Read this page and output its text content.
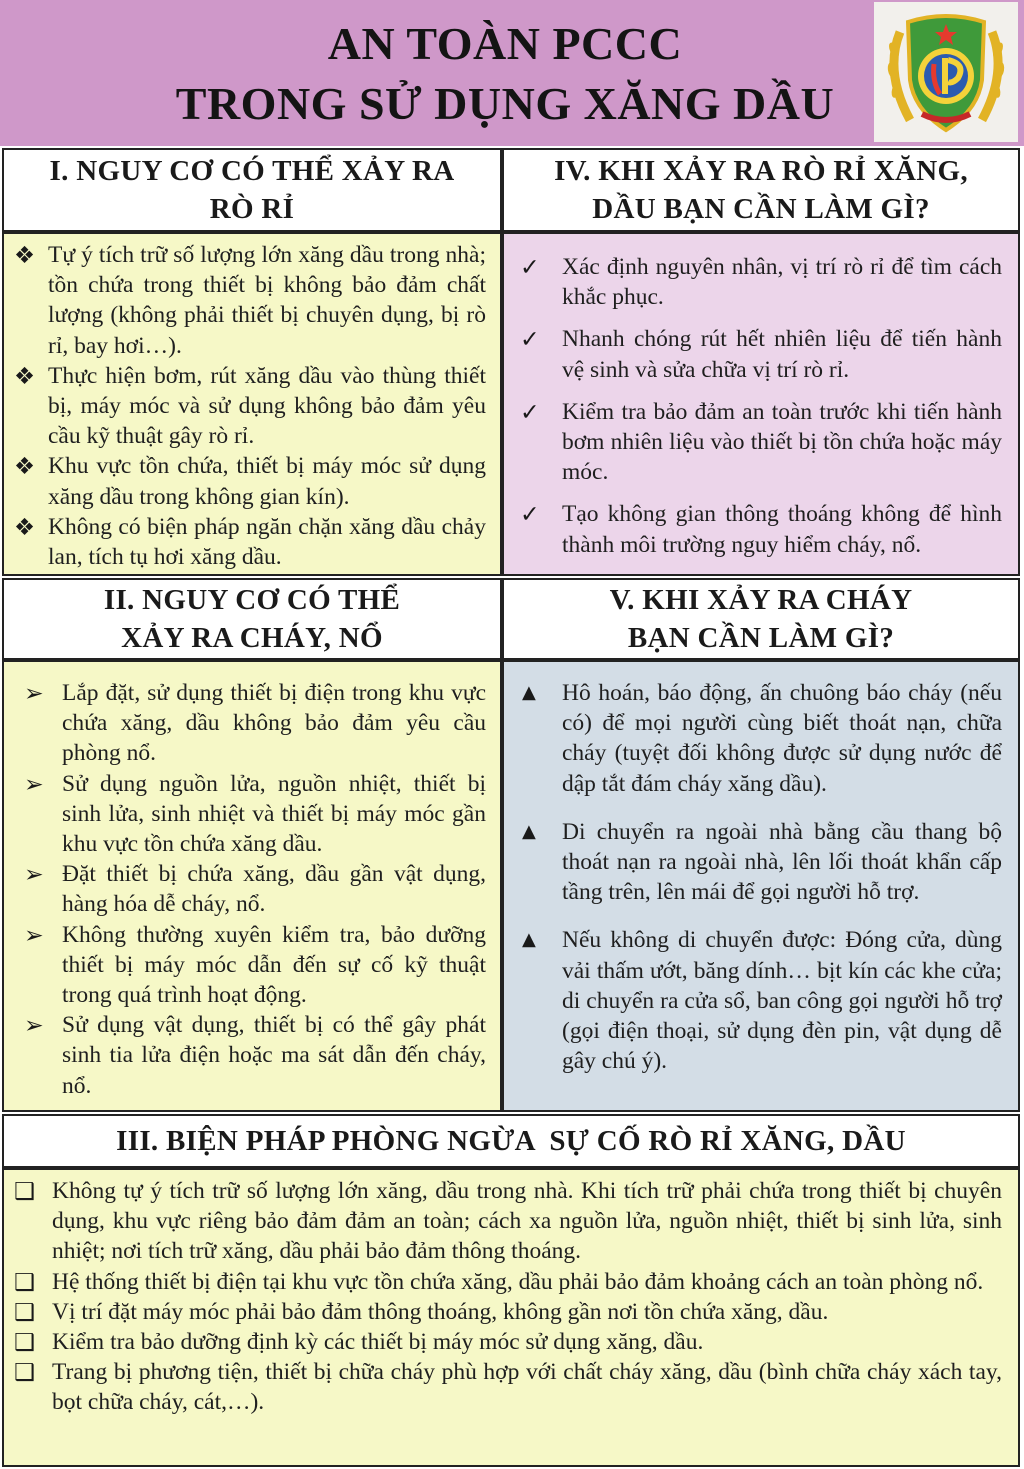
AN TOÀN PCCC
TRONG SỬ DỤNG XĂNG DẦU
I. NGUY CƠ CÓ THỂ XẢY RA
RÒ RỈ
IV. KHI XẢY RA RÒ RỈ XĂNG,
DẦU BẠN CẦN LÀM GÌ?
❖ Tự ý tích trữ số lượng lớn xăng dầu trong nhà; tồn chứa trong thiết bị không bảo đảm chất lượng (không phải thiết bị chuyên dụng, bị rò rỉ, bay hơi…).
❖ Thực hiện bơm, rút xăng dầu vào thùng thiết bị, máy móc và sử dụng không bảo đảm yêu cầu kỹ thuật gây rò rỉ.
❖ Khu vực tồn chứa, thiết bị máy móc sử dụng xăng dầu trong không gian kín).
❖ Không có biện pháp ngăn chặn xăng dầu chảy lan, tích tụ hơi xăng dầu.
✓ Xác định nguyên nhân, vị trí rò rỉ để tìm cách khắc phục.
✓ Nhanh chóng rút hết nhiên liệu để tiến hành vệ sinh và sửa chữa vị trí rò rỉ.
✓ Kiểm tra bảo đảm an toàn trước khi tiến hành bơm nhiên liệu vào thiết bị tồn chứa hoặc máy móc.
✓ Tạo không gian thông thoáng không để hình thành môi trường nguy hiểm cháy, nổ.
II. NGUY CƠ CÓ THỂ
XẢY RA CHÁY, NỔ
V. KHI XẢY RA CHÁY
BẠN CẦN LÀM GÌ?
➢ Lắp đặt, sử dụng thiết bị điện trong khu vực chứa xăng, dầu không bảo đảm yêu cầu phòng nổ.
➢ Sử dụng nguồn lửa, nguồn nhiệt, thiết bị sinh lửa, sinh nhiệt và thiết bị máy móc gần khu vực tồn chứa xăng dầu.
➢ Đặt thiết bị chứa xăng, dầu gần vật dụng, hàng hóa dễ cháy, nổ.
➢ Không thường xuyên kiểm tra, bảo dưỡng thiết bị máy móc dẫn đến sự cố kỹ thuật trong quá trình hoạt động.
➢ Sử dụng vật dụng, thiết bị có thể gây phát sinh tia lửa điện hoặc ma sát dẫn đến cháy, nổ.
▲ Hô hoán, báo động, ấn chuông báo cháy (nếu có) để mọi người cùng biết thoát nạn, chữa cháy (tuyệt đối không được sử dụng nước để dập tắt đám cháy xăng dầu).
▲ Di chuyển ra ngoài nhà bằng cầu thang bộ thoát nạn ra ngoài nhà, lên lối thoát khẩn cấp tầng trên, lên mái để gọi người hỗ trợ.
▲ Nếu không di chuyển được: Đóng cửa, dùng vải thấm ướt, băng dính… bịt kín các khe cửa; di chuyển ra cửa sổ, ban công gọi người hỗ trợ (gọi điện thoại, sử dụng đèn pin, vật dụng dễ gây chú ý).
III. BIỆN PHÁP PHÒNG NGỪA  SỰ CỐ RÒ RỈ XĂNG, DẦU
❑ Không tự ý tích trữ số lượng lớn xăng, dầu trong nhà. Khi tích trữ phải chứa trong thiết bị chuyên dụng, khu vực riêng bảo đảm đảm an toàn; cách xa nguồn lửa, nguồn nhiệt, thiết bị sinh lửa, sinh nhiệt; nơi tích trữ xăng, dầu phải bảo đảm thông thoáng.
❑ Hệ thống thiết bị điện tại khu vực tồn chứa xăng, dầu phải bảo đảm khoảng cách an toàn phòng nổ.
❑ Vị trí đặt máy móc phải bảo đảm thông thoáng, không gần nơi tồn chứa xăng, dầu.
❑ Kiểm tra bảo dưỡng định kỳ các thiết bị máy móc sử dụng xăng, dầu.
❑ Trang bị phương tiện, thiết bị chữa cháy phù hợp với chất cháy xăng, dầu (bình chữa cháy xách tay, bọt chữa cháy, cát,…).
